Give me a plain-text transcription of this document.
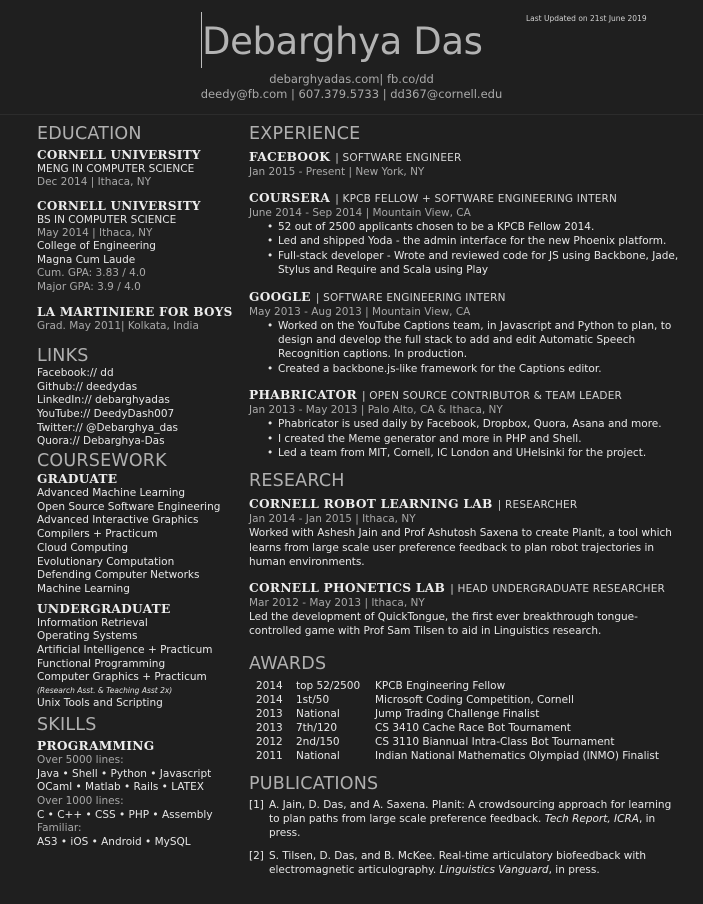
Last Updated on 21st June 2019
Debarghya Das
debarghyadas.com| fb.co/dd
deedy@fb.com | 607.379.5733 | dd367@cornell.edu
EDUCATION
CORNELL UNIVERSITY
MENG IN COMPUTER SCIENCE
Dec 2014 | Ithaca, NY
CORNELL UNIVERSITY
BS IN COMPUTER SCIENCE
May 2014 | Ithaca, NY
College of Engineering
Magna Cum Laude
Cum. GPA: 3.83 / 4.0
Major GPA: 3.9 / 4.0
LA MARTINIERE FOR BOYS
Grad. May 2011| Kolkata, India
LINKS
Facebook:// dd
Github:// deedydas
LinkedIn:// debarghyadas
YouTube:// DeedyDash007
Twitter:// @Debarghya_das
Quora:// Debarghya-Das
COURSEWORK
GRADUATE
Advanced Machine Learning
Open Source Software Engineering
Advanced Interactive Graphics
Compilers + Practicum
Cloud Computing
Evolutionary Computation
Defending Computer Networks
Machine Learning
UNDERGRADUATE
Information Retrieval
Operating Systems
Artificial Intelligence + Practicum
Functional Programming
Computer Graphics + Practicum
(Research Asst. & Teaching Asst 2x)
Unix Tools and Scripting
SKILLS
PROGRAMMING
Over 5000 lines:
Java • Shell • Python • Javascript
OCaml • Matlab • Rails • LATEX
Over 1000 lines:
C • C++ • CSS • PHP • Assembly
Familiar:
AS3 • iOS • Android • MySQL
EXPERIENCE
FACEBOOK | SOFTWARE ENGINEER
Jan 2015 - Present | New York, NY
COURSERA | KPCB FELLOW + SOFTWARE ENGINEERING INTERN
June 2014 - Sep 2014 | Mountain View, CA
• 52 out of 2500 applicants chosen to be a KPCB Fellow 2014.
• Led and shipped Yoda - the admin interface for the new Phoenix platform.
• Full-stack developer - Wrote and reviewed code for JS using Backbone, Jade, Stylus and Require and Scala using Play
GOOGLE | SOFTWARE ENGINEERING INTERN
May 2013 - Aug 2013 | Mountain View, CA
• Worked on the YouTube Captions team, in Javascript and Python to plan, to design and develop the full stack to add and edit Automatic Speech Recognition captions. In production.
• Created a backbone.js-like framework for the Captions editor.
PHABRICATOR | OPEN SOURCE CONTRIBUTOR & TEAM LEADER
Jan 2013 - May 2013 | Palo Alto, CA & Ithaca, NY
• Phabricator is used daily by Facebook, Dropbox, Quora, Asana and more.
• I created the Meme generator and more in PHP and Shell.
• Led a team from MIT, Cornell, IC London and UHelsinki for the project.
RESEARCH
CORNELL ROBOT LEARNING LAB | RESEARCHER
Jan 2014 - Jan 2015 | Ithaca, NY
Worked with Ashesh Jain and Prof Ashutosh Saxena to create PlanIt, a tool which learns from large scale user preference feedback to plan robot trajectories in human environments.
CORNELL PHONETICS LAB | HEAD UNDERGRADUATE RESEARCHER
Mar 2012 - May 2013 | Ithaca, NY
Led the development of QuickTongue, the first ever breakthrough tongue-controlled game with Prof Sam Tilsen to aid in Linguistics research.
AWARDS
2014	top 52/2500	KPCB Engineering Fellow
2014	1st/50	Microsoft Coding Competition, Cornell
2013	National	Jump Trading Challenge Finalist
2013	7th/120	CS 3410 Cache Race Bot Tournament
2012	2nd/150	CS 3110 Biannual Intra-Class Bot Tournament
2011	National	Indian National Mathematics Olympiad (INMO) Finalist
PUBLICATIONS
[1] A. Jain, D. Das, and A. Saxena. Planit: A crowdsourcing approach for learning to plan paths from large scale preference feedback. Tech Report, ICRA, in press.
[2] S. Tilsen, D. Das, and B. McKee. Real-time articulatory biofeedback with electromagnetic articulography. Linguistics Vanguard, in press.
